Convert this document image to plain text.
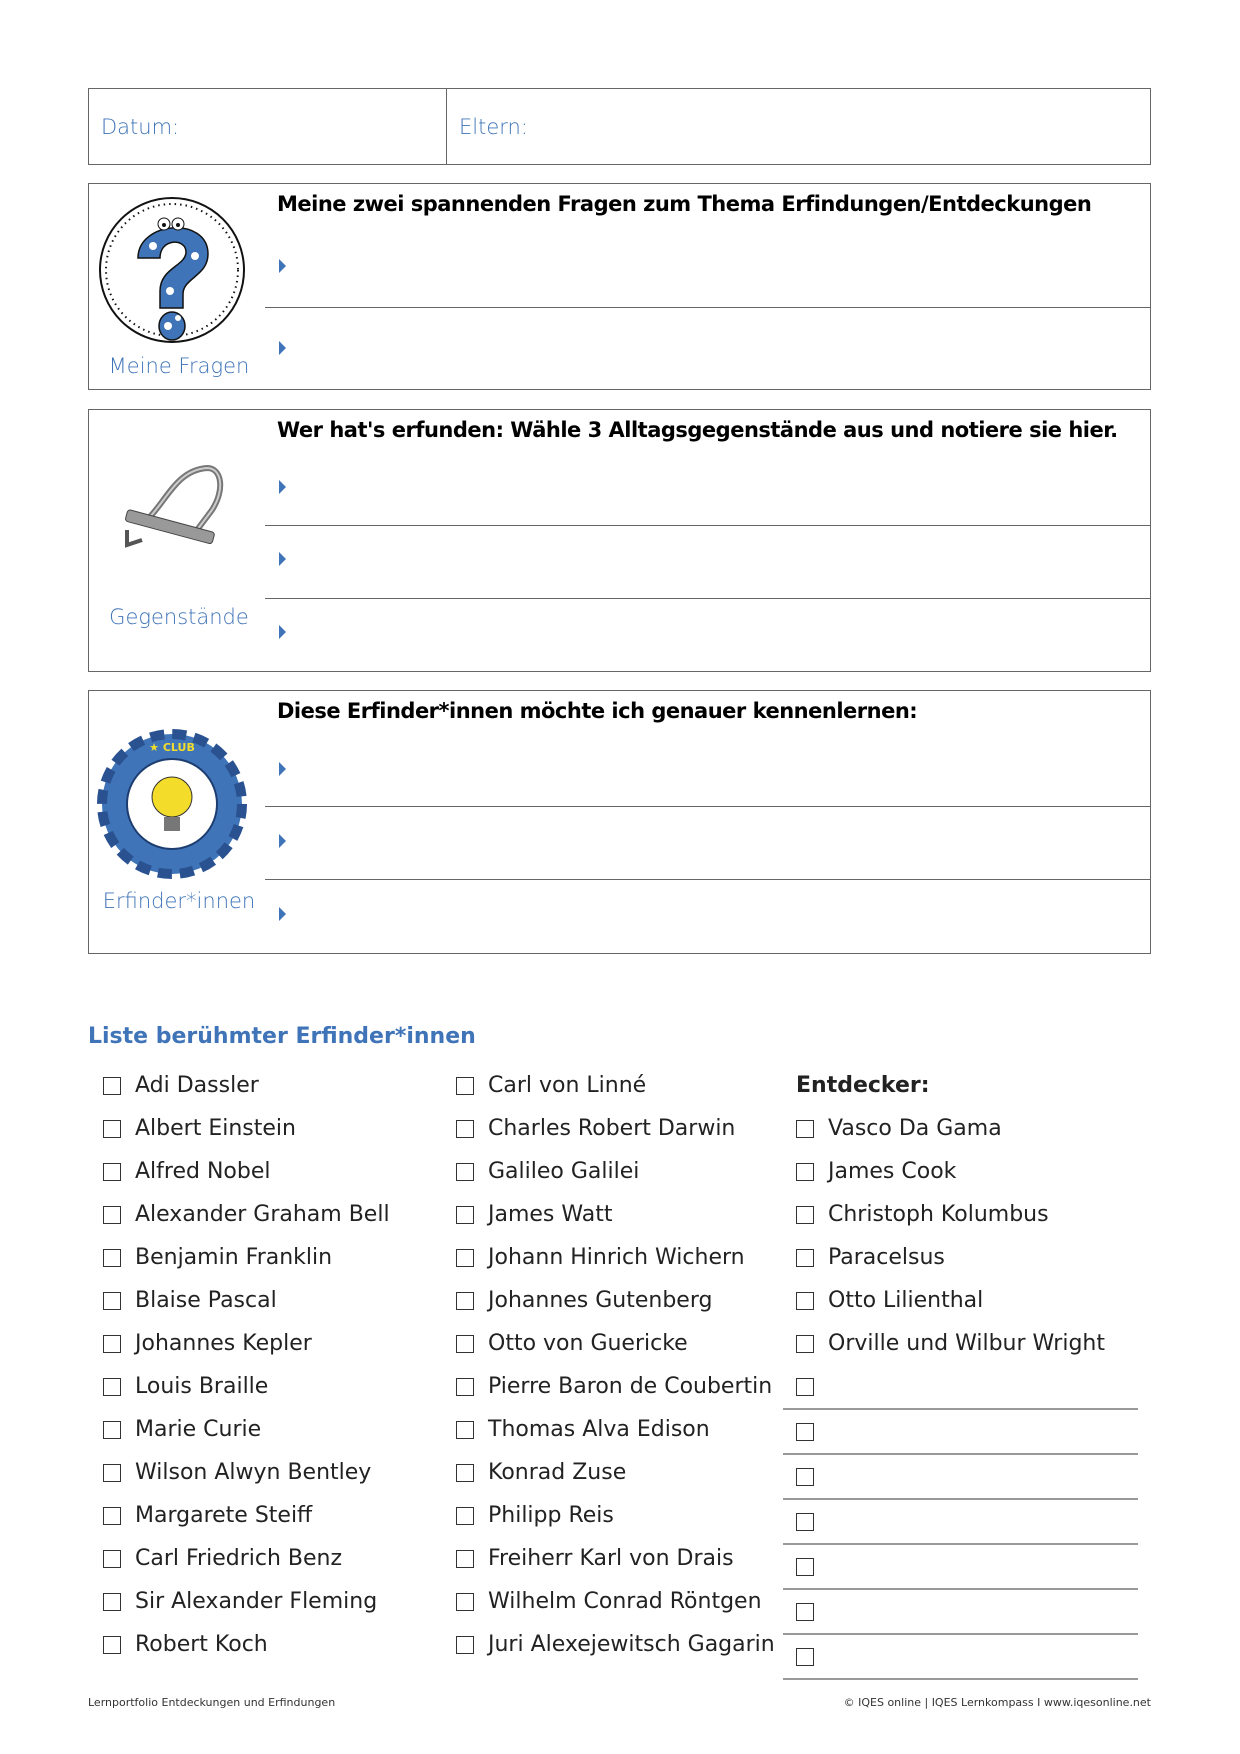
Datum:	Eltern:
Meine Fragen
Meine zwei spannenden Fragen zum Thema Erfindungen/Entdeckungen
Gegenstände
Wer hat's erfunden: Wähle 3 Alltagsgegenstände aus und notiere sie hier.
★ CLUB
Erfinder*innen
Diese Erfinder*innen möchte ich genauer kennenlernen:
Liste berühmter Erfinder*innen
Adi Dassler
Albert Einstein
Alfred Nobel
Alexander Graham Bell
Benjamin Franklin
Blaise Pascal
Johannes Kepler
Louis Braille
Marie Curie
Wilson Alwyn Bentley
Margarete Steiff
Carl Friedrich Benz
Sir Alexander Fleming
Robert Koch
Carl von Linné
Charles Robert Darwin
Galileo Galilei
James Watt
Johann Hinrich Wichern
Johannes Gutenberg
Otto von Guericke
Pierre Baron de Coubertin
Thomas Alva Edison
Konrad Zuse
Philipp Reis
Freiherr Karl von Drais
Wilhelm Conrad Röntgen
Juri Alexejewitsch Gagarin
Entdecker:
Vasco Da Gama
James Cook
Christoph Kolumbus
Paracelsus
Otto Lilienthal
Orville und Wilbur Wright
Lernportfolio Entdeckungen und Erfindungen	© IQES online | IQES Lernkompass I www.iqesonline.net
